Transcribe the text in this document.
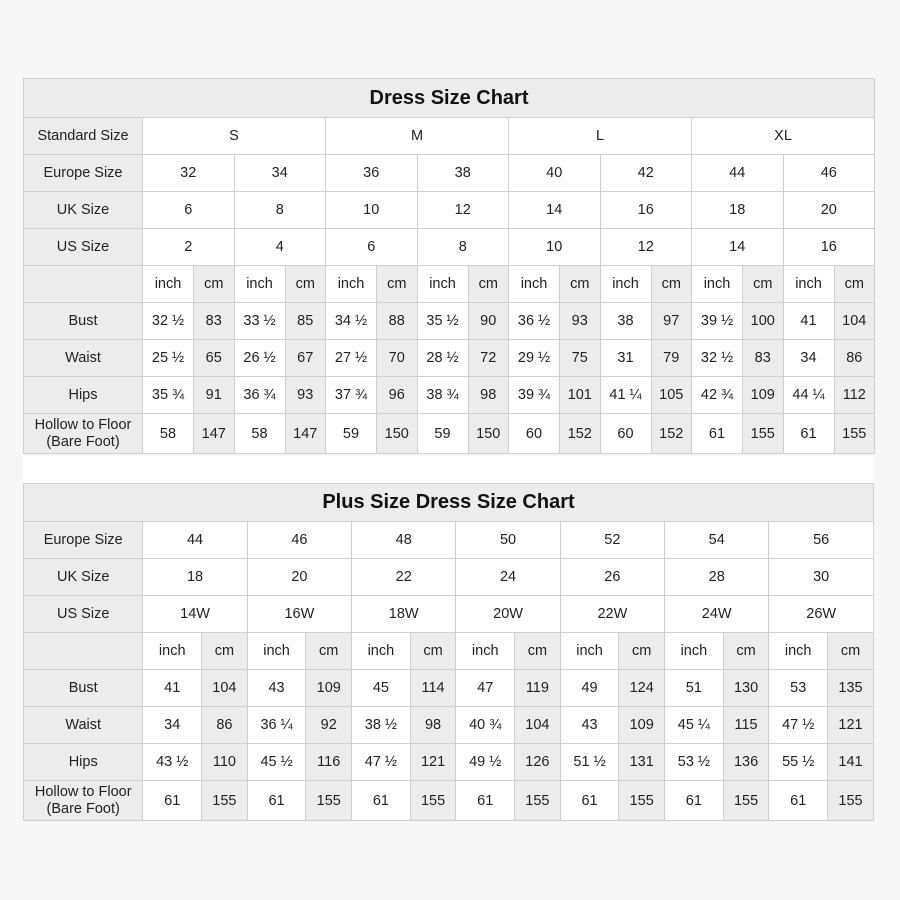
Dress Size Chart																
Standard Size	S				M				L				XL			
Europe Size	32		34		36		38		40		42		44		46	
UK Size	6		8		10		12		14		16		18		20	
US Size	2		4		6		8		10		12		14		16	
	inch	cm	inch	cm	inch	cm	inch	cm	inch	cm	inch	cm	inch	cm	inch	cm
Bust	32 ½	83	33 ½	85	34 ½	88	35 ½	90	36 ½	93	38	97	39 ½	100	41	104
Waist	25 ½	65	26 ½	67	27 ½	70	28 ½	72	29 ½	75	31	79	32 ½	83	34	86
Hips	35 ¾	91	36 ¾	93	37 ¾	96	38 ¾	98	39 ¾	101	41 ¼	105	42 ¾	109	44 ¼	112

Hollow to Floor
(Bare Foot)	58	147	58	147	59	150	59	150	60	152	60	152	61	155	61	155
Plus Size Dress Size Chart														
Europe Size	44		46		48		50		52		54		56	
UK Size	18		20		22		24		26		28		30	
US Size	14W		16W		18W		20W		22W		24W		26W	
	inch	cm	inch	cm	inch	cm	inch	cm	inch	cm	inch	cm	inch	cm
Bust	41	104	43	109	45	114	47	119	49	124	51	130	53	135
Waist	34	86	36 ¼	92	38 ½	98	40 ¾	104	43	109	45 ¼	115	47 ½	121
Hips	43 ½	110	45 ½	116	47 ½	121	49 ½	126	51 ½	131	53 ½	136	55 ½	141

Hollow to Floor
(Bare Foot)	61	155	61	155	61	155	61	155	61	155	61	155	61	155
